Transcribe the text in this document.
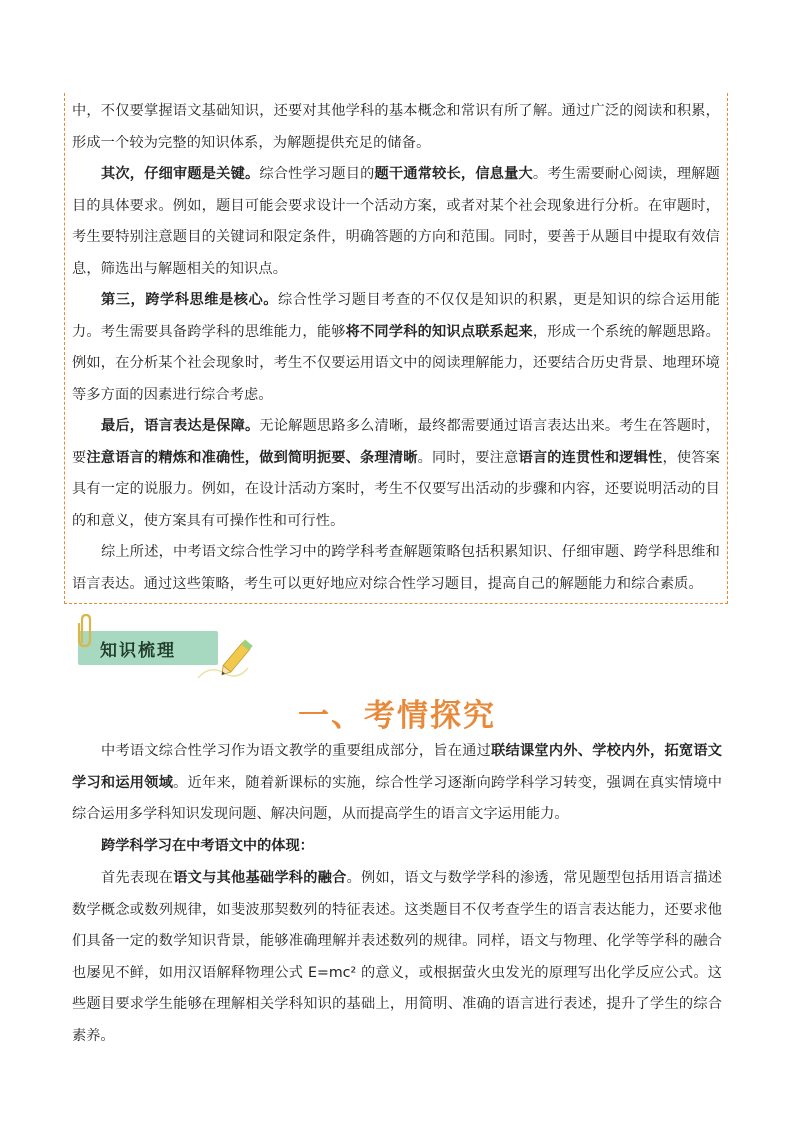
中，不仅要掌握语文基础知识，还要对其他学科的基本概念和常识有所了解。通过广泛的阅读和积累，形成一个较为完整的知识体系，为解题提供充足的储备。

其次，仔细审题是关键。综合性学习题目的题干通常较长，信息量大。考生需要耐心阅读，理解题目的具体要求。例如，题目可能会要求设计一个活动方案，或者对某个社会现象进行分析。在审题时，考生要特别注意题目的关键词和限定条件，明确答题的方向和范围。同时，要善于从题目中提取有效信息，筛选出与解题相关的知识点。

第三，跨学科思维是核心。综合性学习题目考查的不仅仅是知识的积累，更是知识的综合运用能力。考生需要具备跨学科的思维能力，能够将不同学科的知识点联系起来，形成一个系统的解题思路。例如，在分析某个社会现象时，考生不仅要运用语文中的阅读理解能力，还要结合历史背景、地理环境等多方面的因素进行综合考虑。

最后，语言表达是保障。无论解题思路多么清晰，最终都需要通过语言表达出来。考生在答题时，要注意语言的精炼和准确性，做到简明扼要、条理清晰。同时，要注意语言的连贯性和逻辑性，使答案具有一定的说服力。例如，在设计活动方案时，考生不仅要写出活动的步骤和内容，还要说明活动的目的和意义，使方案具有可操作性和可行性。

综上所述，中考语文综合性学习中的跨学科考查解题策略包括积累知识、仔细审题、跨学科思维和语言表达。通过这些策略，考生可以更好地应对综合性学习题目，提高自己的解题能力和综合素质。

知识梳理
一、考情探究

中考语文综合性学习作为语文教学的重要组成部分，旨在通过联结课堂内外、学校内外，拓宽语文学习和运用领域。近年来，随着新课标的实施，综合性学习逐渐向跨学科学习转变，强调在真实情境中综合运用多学科知识发现问题、解决问题，从而提高学生的语言文字运用能力。

跨学科学习在中考语文中的体现：

首先表现在语文与其他基础学科的融合。例如，语文与数学学科的渗透，常见题型包括用语言描述数学概念或数列规律，如斐波那契数列的特征表述。这类题目不仅考查学生的语言表达能力，还要求他们具备一定的数学知识背景，能够准确理解并表述数列的规律。同样，语文与物理、化学等学科的融合也屡见不鲜，如用汉语解释物理公式 E=mc² 的意义，或根据萤火虫发光的原理写出化学反应公式。这些题目要求学生能够在理解相关学科知识的基础上，用简明、准确的语言进行表述，提升了学生的综合素养。
